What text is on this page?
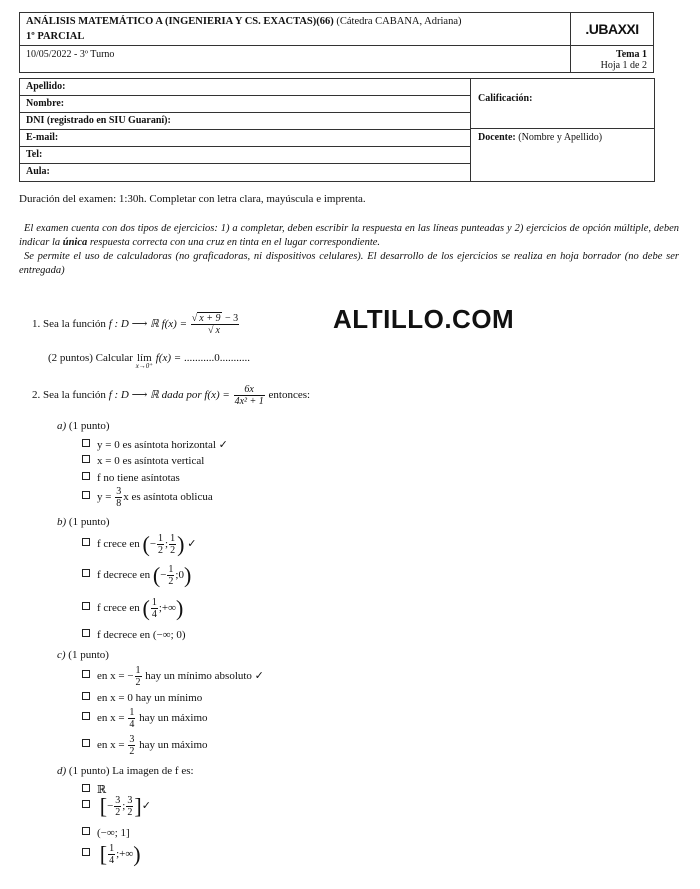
ANÁLISIS MATEMÁTICO A (INGENIERIA Y CS. EXACTAS)(66) (Cátedra CABANA, Adriana)
1º PARCIAL	.UBAXXI

10/05/2022 - 3º Turno	Tema 1
Hoja 1 de 2
Apellido:
Nombre:
DNI (registrado en SIU Guaraní):
E-mail:
Tel:
Aula:
Calificación:
Docente: (Nombre y Apellido)
Duración del examen: 1:30h. Completar con letra clara, mayúscula e imprenta.
El examen cuenta con dos tipos de ejercicios: 1) a completar, deben escribir la respuesta en las líneas punteadas y 2) ejercicios de opción múltiple, deben indicar la única respuesta correcta con una cruz en tinta en el lugar correspondiente.
Se permite el uso de calculadoras (no graficadoras, ni dispositivos celulares). El desarrollo de los ejercicios se realiza en hoja borrador (no debe ser entregada)
ALTILLO.COM
1. Sea la función f : D ⟶ ℝ $f(x) = \frac{√ x + 9 - 3}{√ x}$
(2 puntos) Calcular lím
x→0⁺
f(x) = ...........0...........
2. Sea la función f : D ⟶ ℝ dada por $f(x) = \frac{6x}{\text{4x² + 1}}$ entonces:
a) (1 punto)
y = 0 es asíntota horizontal ✓
x = 0 es asíntota vertical
f no tiene asíntotas
$y = \frac{3}{8}$ x es asíntota oblicua
b) (1 punto)
f crece en (− $\frac{1}{2}$ ; $\frac{1}{2}$ ) ✓
f decrece en (− $\frac{1}{2}$ ;0)
f crece en ( $\frac{1}{4}$ ;+∞)
f decrece en (−∞; 0)
c) (1 punto)
en x = − $\frac{1}{2}$ hay un mínimo absoluto ✓
en x = 0 hay un mínimo
en $x = \frac{1}{4}$ hay un máximo
en $x = \frac{3}{2}$ hay un máximo
d) (1 punto) La imagen de f es:
ℝ
[− $\frac{3}{2}$ ; $\frac{3}{2}$ ]✓
(−∞; 1]
[ $\frac{1}{4}$ ;+∞)
